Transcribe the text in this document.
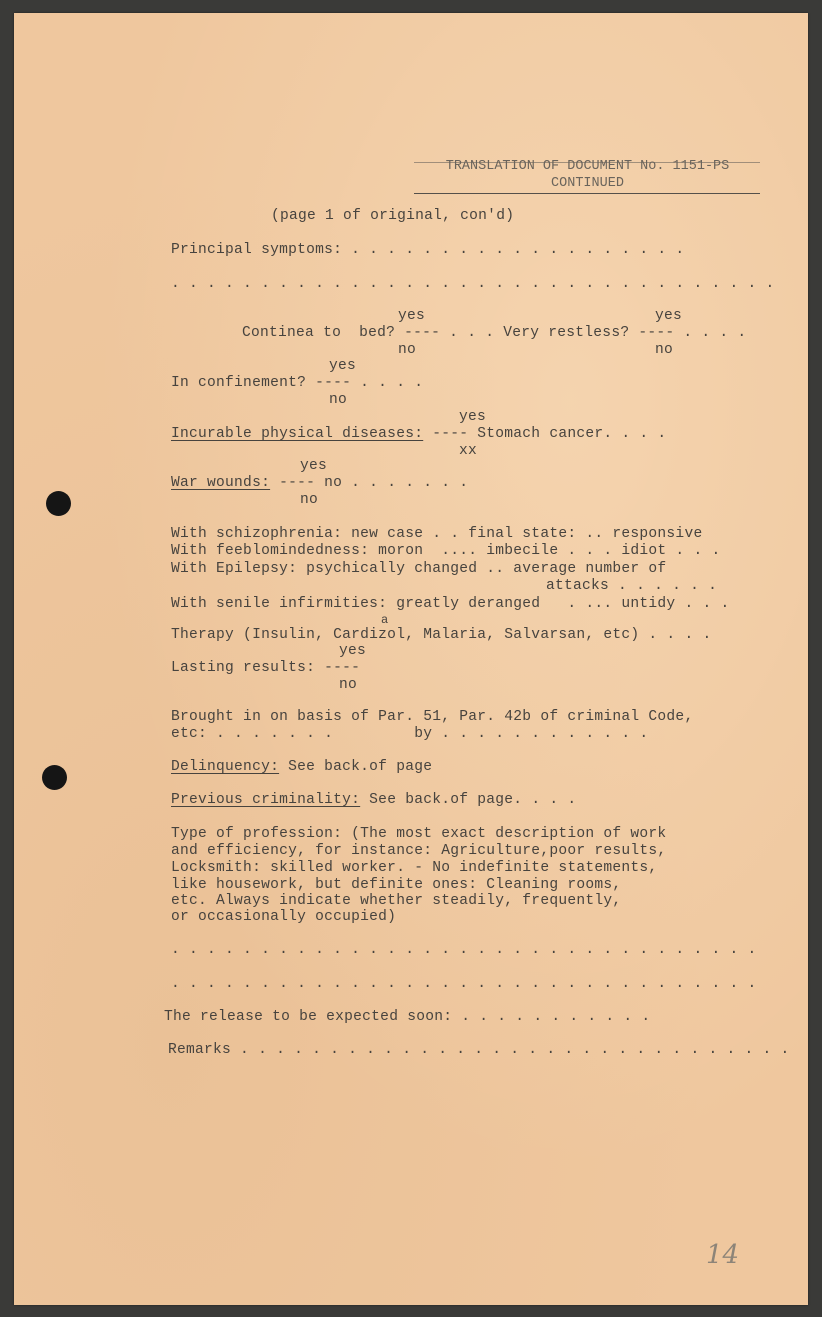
TRANSLATION OF DOCUMENT No. 1151-PS
CONTINUED
(page 1 of original, con'd)
Principal symptoms: . . . . . . . . . . . . . . . . . . .
. . . . . . . . . . . . . . . . . . . . . . . . . . . . . . . . . .
yes	yes
Continea to  bed? ---- . . . Very restless? ---- . . . .
no	no
yes
In confinement? ---- . . . .
no
yes
Incurable physical diseases: ---- Stomach cancer. . . .
xx
yes
War wounds: ---- no . . . . . . .
no
With schizophrenia: new case . . final state: .. responsive
With feeblomindedness: moron  .... imbecile . . . idiot . . .
With Epilepsy: psychically changed .. average number of
attacks . . . . . .
With senile infirmities: greatly deranged   . ... untidy . . .
a
Therapy (Insulin, Cardizol, Malaria, Salvarsan, etc) . . . .
yes
Lasting results: ----
no
Brought in on basis of Par. 51, Par. 42b of criminal Code,
etc: . . . . . . .         by . . . . . . . . . . . .
Delinquency: See back.of page
Previous criminality: See back.of page. . . .
Type of profession: (The most exact description of work
and efficiency, for instance: Agriculture,poor results,
Locksmith: skilled worker. - No indefinite statements,
like housework, but definite ones: Cleaning rooms,
etc. Always indicate whether steadily, frequently,
or occasionally occupied)
. . . . . . . . . . . . . . . . . . . . . . . . . . . . . . . . .
. . . . . . . . . . . . . . . . . . . . . . . . . . . . . . . . .
The release to be expected soon: . . . . . . . . . . .
Remarks . . . . . . . . . . . . . . . . . . . . . . . . . . . . . . .
14
